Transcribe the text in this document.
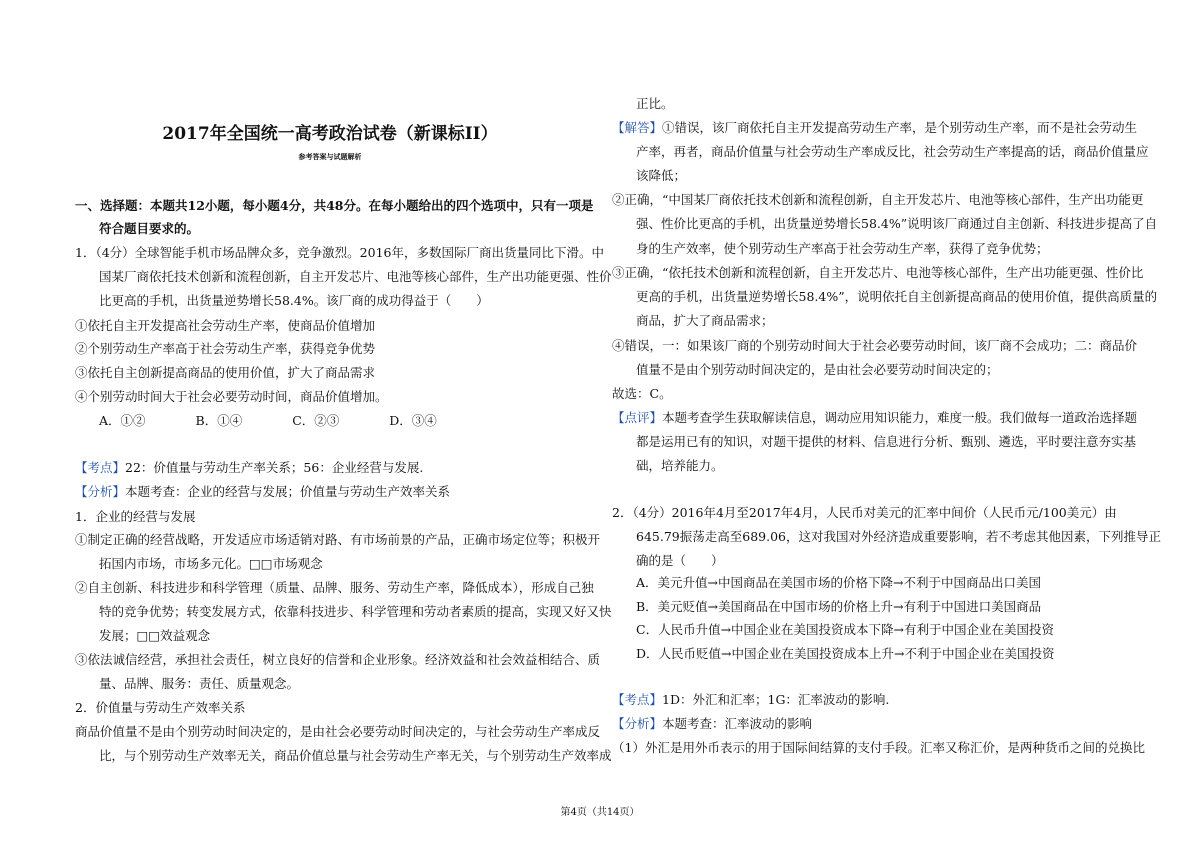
2017年全国统一高考政治试卷（新课标II）
参考答案与试题解析
一、选择题：本题共12小题，每小题4分，共48分。在每小题给出的四个选项中，只有一项是
符合题目要求的。
1．（4分）全球智能手机市场品牌众多，竞争激烈。2016年，多数国际厂商出货量同比下滑。中
国某厂商依托技术创新和流程创新，自主开发芯片、电池等核心部件，生产出功能更强、性价
比更高的手机，出货量逆势增长58.4%。该厂商的成功得益于（　　）
①依托自主开发提高社会劳动生产率，使商品价值增加
②个别劳动生产率高于社会劳动生产率，获得竞争优势
③依托自主创新提高商品的使用价值，扩大了商品需求
④个别劳动时间大于社会必要劳动时间，商品价值增加。
A．①②　　　　B．①④　　　　C．②③　　　　D．③④
【考点】22：价值量与劳动生产率关系；56：企业经营与发展.
【分析】本题考查：企业的经营与发展；价值量与劳动生产效率关系
1．企业的经营与发展
①制定正确的经营战略，开发适应市场适销对路、有市场前景的产品，正确市场定位等；积极开
拓国内市场，市场多元化。□□市场观念
②自主创新、科技进步和科学管理（质量、品牌、服务、劳动生产率，降低成本），形成自己独
特的竞争优势；转变发展方式，依靠科技进步、科学管理和劳动者素质的提高，实现又好又快
发展；□□效益观念
③依法诚信经营，承担社会责任，树立良好的信誉和企业形象。经济效益和社会效益相结合、质
量、品牌、服务：责任、质量观念。
2．价值量与劳动生产效率关系
商品价值量不是由个别劳动时间决定的，是由社会必要劳动时间决定的，与社会劳动生产率成反
比，与个别劳动生产效率无关，商品价值总量与社会劳动生产率无关，与个别劳动生产效率成
正比。
【解答】①错误，该厂商依托自主开发提高劳动生产率，是个别劳动生产率，而不是社会劳动生
产率，再者，商品价值量与社会劳动生产率成反比，社会劳动生产率提高的话，商品价值量应
该降低；
②正确，“中国某厂商依托技术创新和流程创新，自主开发芯片、电池等核心部件，生产出功能更
强、性价比更高的手机，出货量逆势增长58.4%”说明该厂商通过自主创新、科技进步提高了自
身的生产效率，使个别劳动生产率高于社会劳动生产率，获得了竞争优势；
③正确，“依托技术创新和流程创新，自主开发芯片、电池等核心部件，生产出功能更强、性价比
更高的手机，出货量逆势增长58.4%”，说明依托自主创新提高商品的使用价值，提供高质量的
商品，扩大了商品需求；
④错误，一：如果该厂商的个别劳动时间大于社会必要劳动时间，该厂商不会成功；二：商品价
值量不是由个别劳动时间决定的，是由社会必要劳动时间决定的；
故选：C。
【点评】本题考查学生获取解读信息，调动应用知识能力，难度一般。我们做每一道政治选择题
都是运用已有的知识，对题干提供的材料、信息进行分析、甄别、遴选，平时要注意夯实基
础，培养能力。
2．（4分）2016年4月至2017年4月，人民币对美元的汇率中间价（人民币元/100美元）由
645.79振荡走高至689.06，这对我国对外经济造成重要影响，若不考虑其他因素，下列推导正
确的是（　　）
A．美元升值→中国商品在美国市场的价格下降→不利于中国商品出口美国
B．美元贬值→美国商品在中国市场的价格上升→有利于中国进口美国商品
C．人民币升值→中国企业在美国投资成本下降→有利于中国企业在美国投资
D．人民币贬值→中国企业在美国投资成本上升→不利于中国企业在美国投资
【考点】1D：外汇和汇率；1G：汇率波动的影响.
【分析】本题考查：汇率波动的影响
（1）外汇是用外币表示的用于国际间结算的支付手段。汇率又称汇价，是两种货币之间的兑换比
第4页（共14页）
